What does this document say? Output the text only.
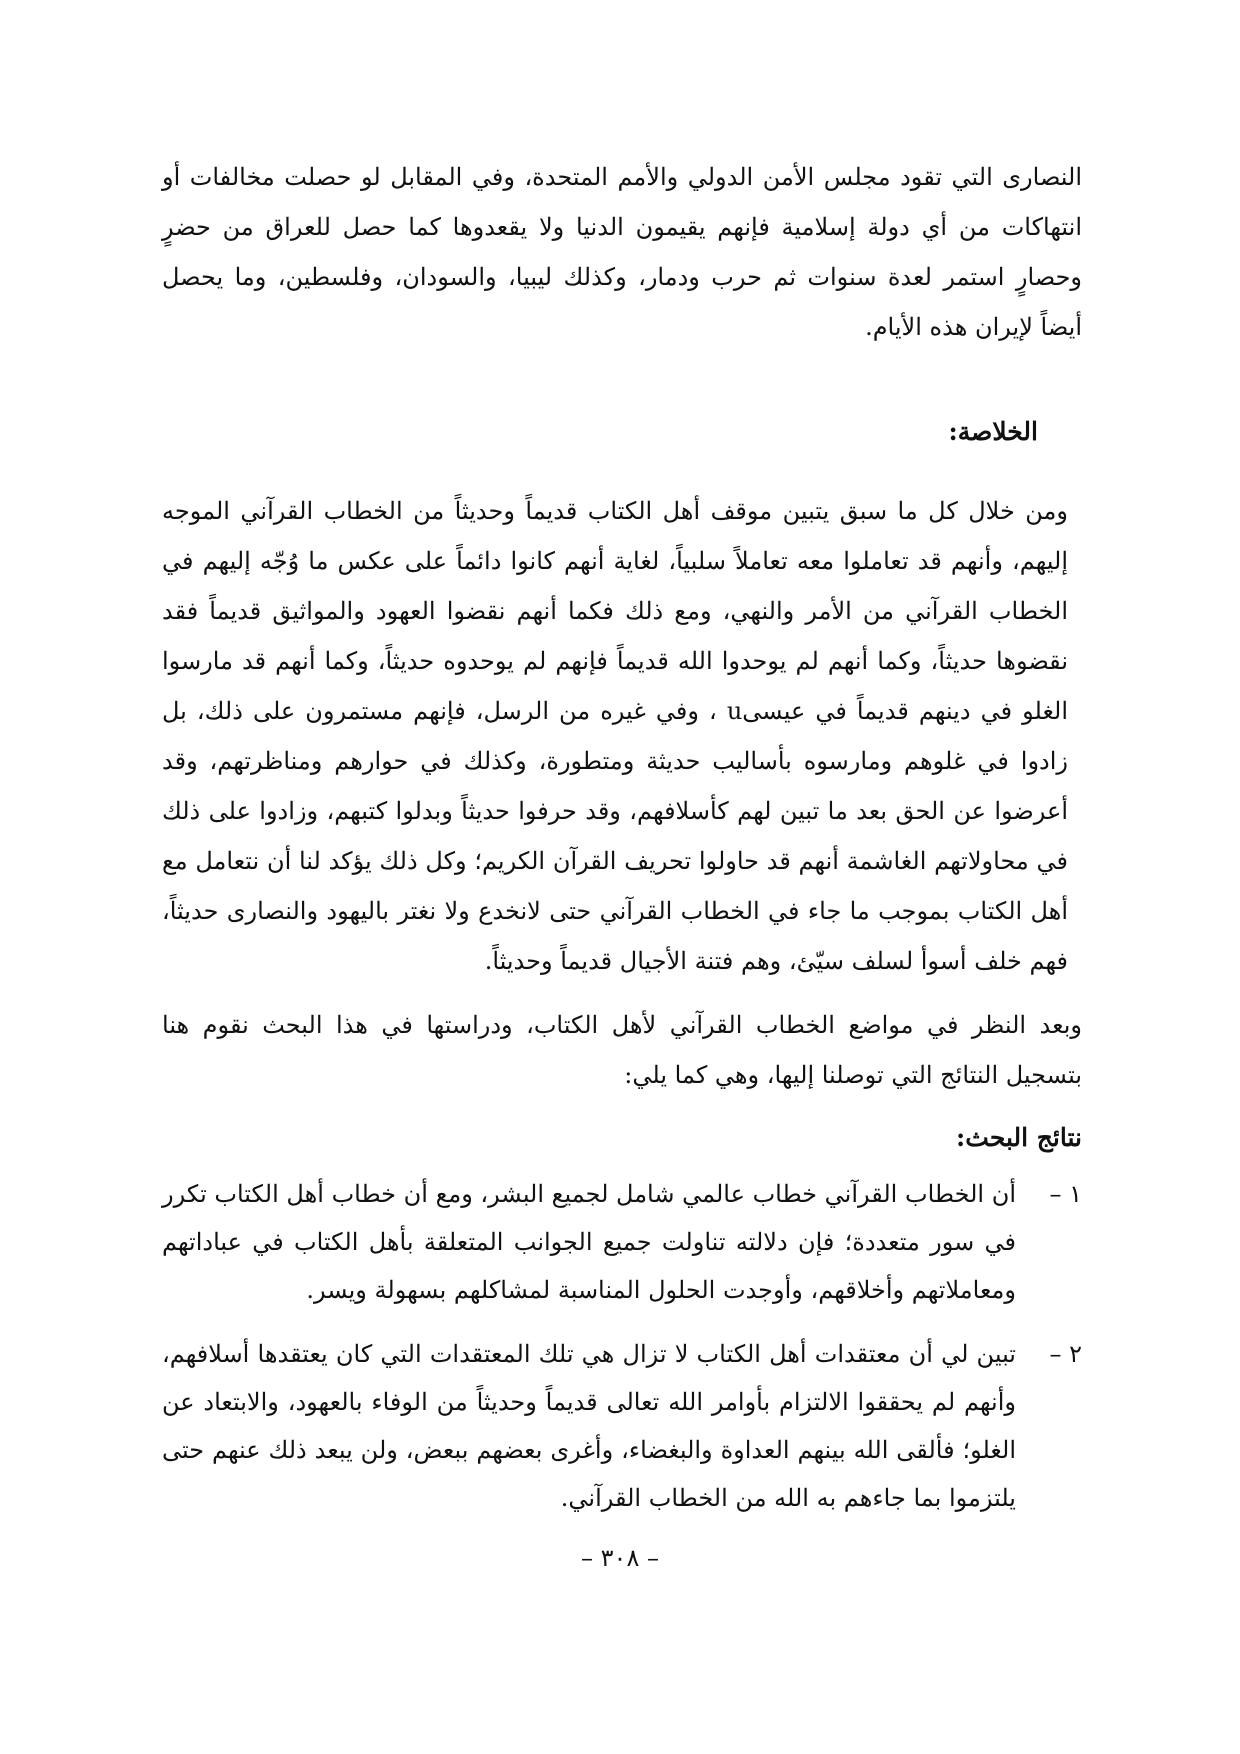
النصارى التي تقود مجلس الأمن الدولي والأمم المتحدة، وفي المقابل لو حصلت مخالفات أو انتهاكات من أي دولة إسلامية فإنهم يقيمون الدنيا ولا يقعدوها كما حصل للعراق من حضرٍ وحصارٍ استمر لعدة سنوات ثم حرب ودمار، وكذلك ليبيا، والسودان، وفلسطين، وما يحصل أيضاً لإيران هذه الأيام.

الخلاصة:

ومن خلال كل ما سبق يتبين موقف أهل الكتاب قديماً وحديثاً من الخطاب القرآني الموجه إليهم، وأنهم قد تعاملوا معه تعاملاً سلبياً، لغاية أنهم كانوا دائماً على عكس ما وُجّه إليهم في الخطاب القرآني من الأمر والنهي، ومع ذلك فكما أنهم نقضوا العهود والمواثيق قديماً فقد نقضوها حديثاً، وكما أنهم لم يوحدوا الله قديماً فإنهم لم يوحدوه حديثاً، وكما أنهم قد مارسوا الغلو في دينهم قديماً في عيسىu ، وفي غيره من الرسل، فإنهم مستمرون على ذلك، بل زادوا في غلوهم ومارسوه بأساليب حديثة ومتطورة، وكذلك في حوارهم ومناظرتهم، وقد أعرضوا عن الحق بعد ما تبين لهم كأسلافهم، وقد حرفوا حديثاً وبدلوا كتبهم، وزادوا على ذلك في محاولاتهم الغاشمة أنهم قد حاولوا تحريف القرآن الكريم؛ وكل ذلك يؤكد لنا أن نتعامل مع أهل الكتاب بموجب ما جاء في الخطاب القرآني حتى لانخدع ولا نغتر باليهود والنصارى حديثاً، فهم خلف أسوأ لسلف سيّئ، وهم فتنة الأجيال قديماً وحديثاً.

وبعد النظر في مواضع الخطاب القرآني لأهل الكتاب، ودراستها في هذا البحث نقوم هنا بتسجيل النتائج التي توصلنا إليها، وهي كما يلي:

نتائج البحث:
١ –
أن الخطاب القرآني خطاب عالمي شامل لجميع البشر، ومع أن خطاب أهل الكتاب تكرر في سور متعددة؛ فإن دلالته تناولت جميع الجوانب المتعلقة بأهل الكتاب في عباداتهم ومعاملاتهم وأخلاقهم، وأوجدت الحلول المناسبة لمشاكلهم بسهولة ويسر.
٢ –
تبين لي أن معتقدات أهل الكتاب لا تزال هي تلك المعتقدات التي كان يعتقدها أسلافهم، وأنهم لم يحققوا الالتزام بأوامر الله تعالى قديماً وحديثاً من الوفاء بالعهود، والابتعاد عن الغلو؛ فألقى الله بينهم العداوة والبغضاء، وأغرى بعضهم ببعض، ولن يبعد ذلك عنهم حتى يلتزموا بما جاءهم به الله من الخطاب القرآني.
– ٣٠٨ –
